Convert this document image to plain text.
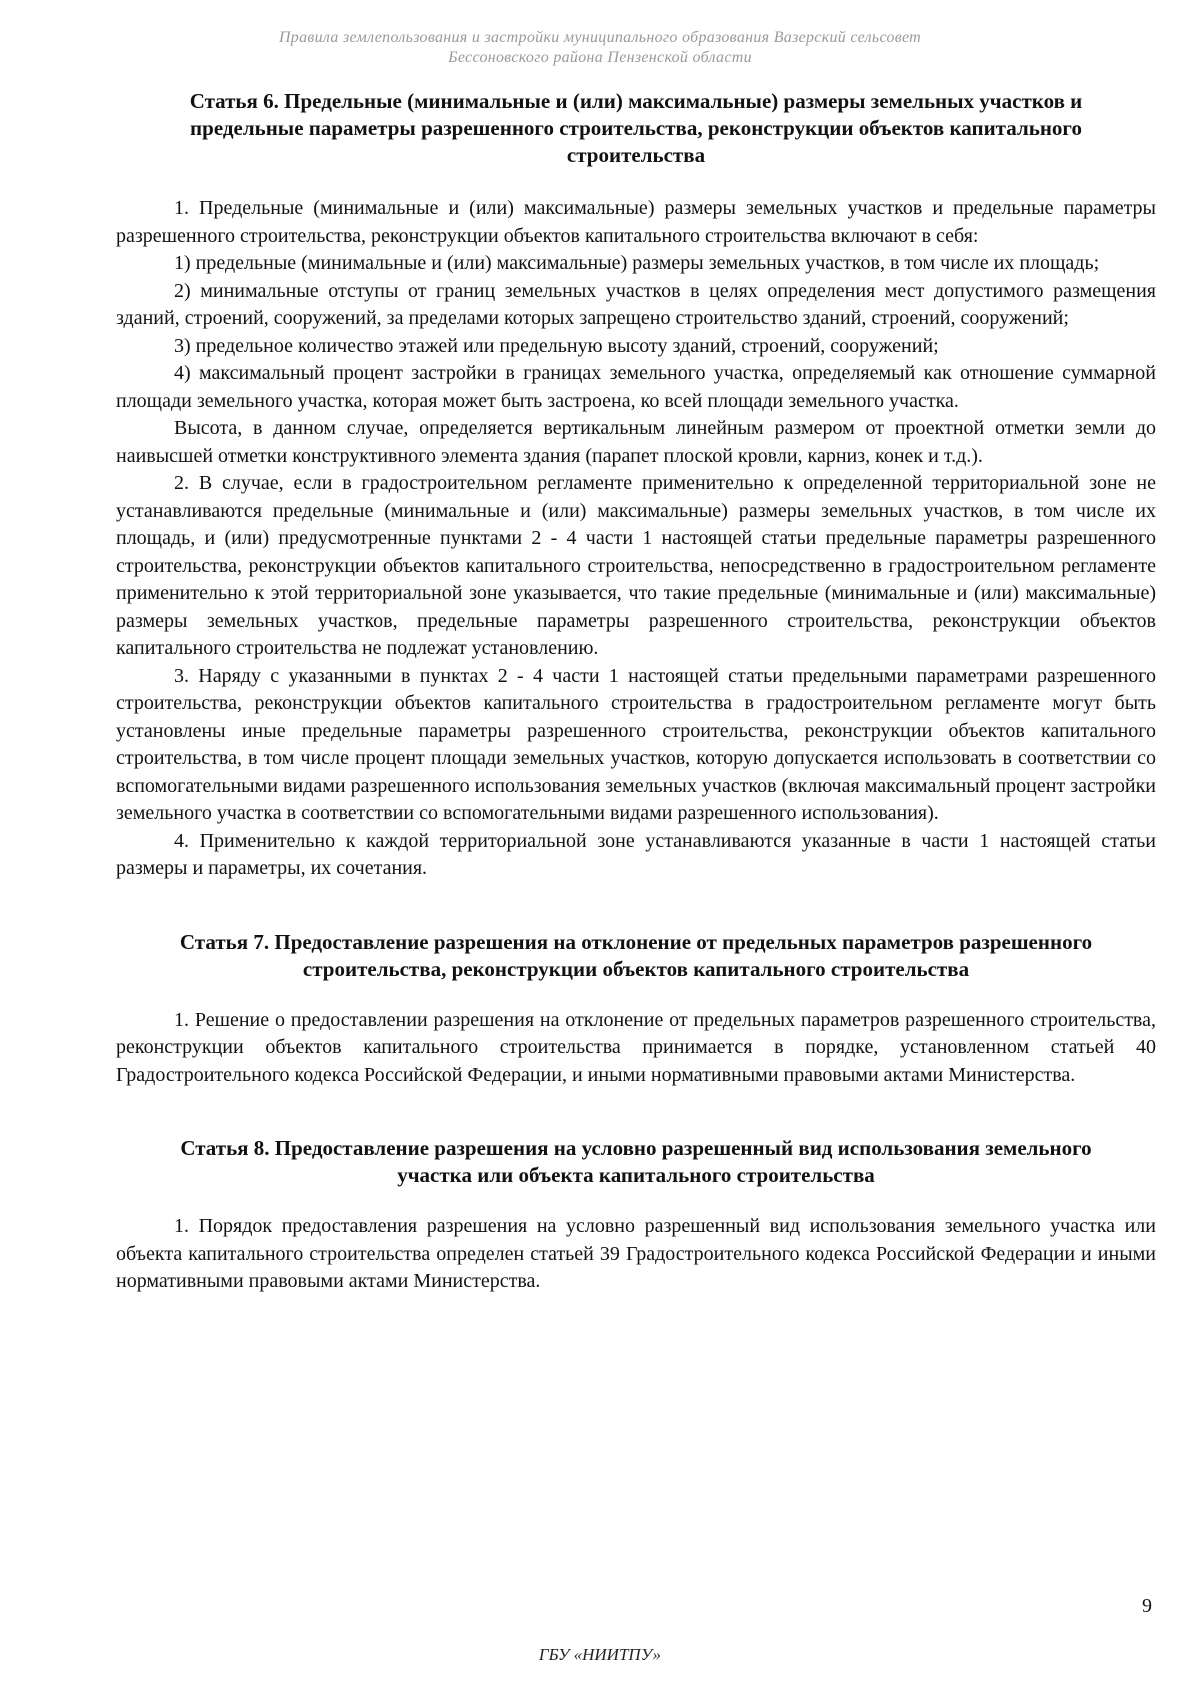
Правила землепользования и застройки муниципального образования Вазерский сельсовет
Бессоновского района Пензенской области
Статья 6. Предельные (минимальные и (или) максимальные) размеры земельных участков и предельные параметры разрешенного строительства, реконструкции объектов капитального строительства

1. Предельные (минимальные и (или) максимальные) размеры земельных участков и предельные параметры разрешенного строительства, реконструкции объектов капитального строительства включают в себя:

1) предельные (минимальные и (или) максимальные) размеры земельных участков, в том числе их площадь;

2) минимальные отступы от границ земельных участков в целях определения мест допустимого размещения зданий, строений, сооружений, за пределами которых запрещено строительство зданий, строений, сооружений;

3) предельное количество этажей или предельную высоту зданий, строений, сооружений;

4) максимальный процент застройки в границах земельного участка, определяемый как отношение суммарной площади земельного участка, которая может быть застроена, ко всей площади земельного участка.

Высота, в данном случае, определяется вертикальным линейным размером от проектной отметки земли до наивысшей отметки конструктивного элемента здания (парапет плоской кровли, карниз, конек и т.д.).

2. В случае, если в градостроительном регламенте применительно к определенной территориальной зоне не устанавливаются предельные (минимальные и (или) максимальные) размеры земельных участков, в том числе их площадь, и (или) предусмотренные пунктами 2 - 4 части 1 настоящей статьи предельные параметры разрешенного строительства, реконструкции объектов капитального строительства, непосредственно в градостроительном регламенте применительно к этой территориальной зоне указывается, что такие предельные (минимальные и (или) максимальные) размеры земельных участков, предельные параметры разрешенного строительства, реконструкции объектов капитального строительства не подлежат установлению.

3. Наряду с указанными в пунктах 2 - 4 части 1 настоящей статьи предельными параметрами разрешенного строительства, реконструкции объектов капитального строительства в градостроительном регламенте могут быть установлены иные предельные параметры разрешенного строительства, реконструкции объектов капитального строительства, в том числе процент площади земельных участков, которую допускается использовать в соответствии со вспомогательными видами разрешенного использования земельных участков (включая максимальный процент застройки земельного участка в соответствии со вспомогательными видами разрешенного использования).

4. Применительно к каждой территориальной зоне устанавливаются указанные в части 1 настоящей статьи размеры и параметры, их сочетания.

Статья 7. Предоставление разрешения на отклонение от предельных параметров разрешенного строительства, реконструкции объектов капитального строительства

1. Решение о предоставлении разрешения на отклонение от предельных параметров разрешенного строительства, реконструкции объектов капитального строительства принимается в порядке, установленном статьей 40 Градостроительного кодекса Российской Федерации, и иными нормативными правовыми актами Министерства.

Статья 8. Предоставление разрешения на условно разрешенный вид использования земельного участка или объекта капитального строительства

1. Порядок предоставления разрешения на условно разрешенный вид использования земельного участка или объекта капитального строительства определен статьей 39 Градостроительного кодекса Российской Федерации и иными нормативными правовыми актами Министерства.

9
ГБУ «НИИТПУ»
